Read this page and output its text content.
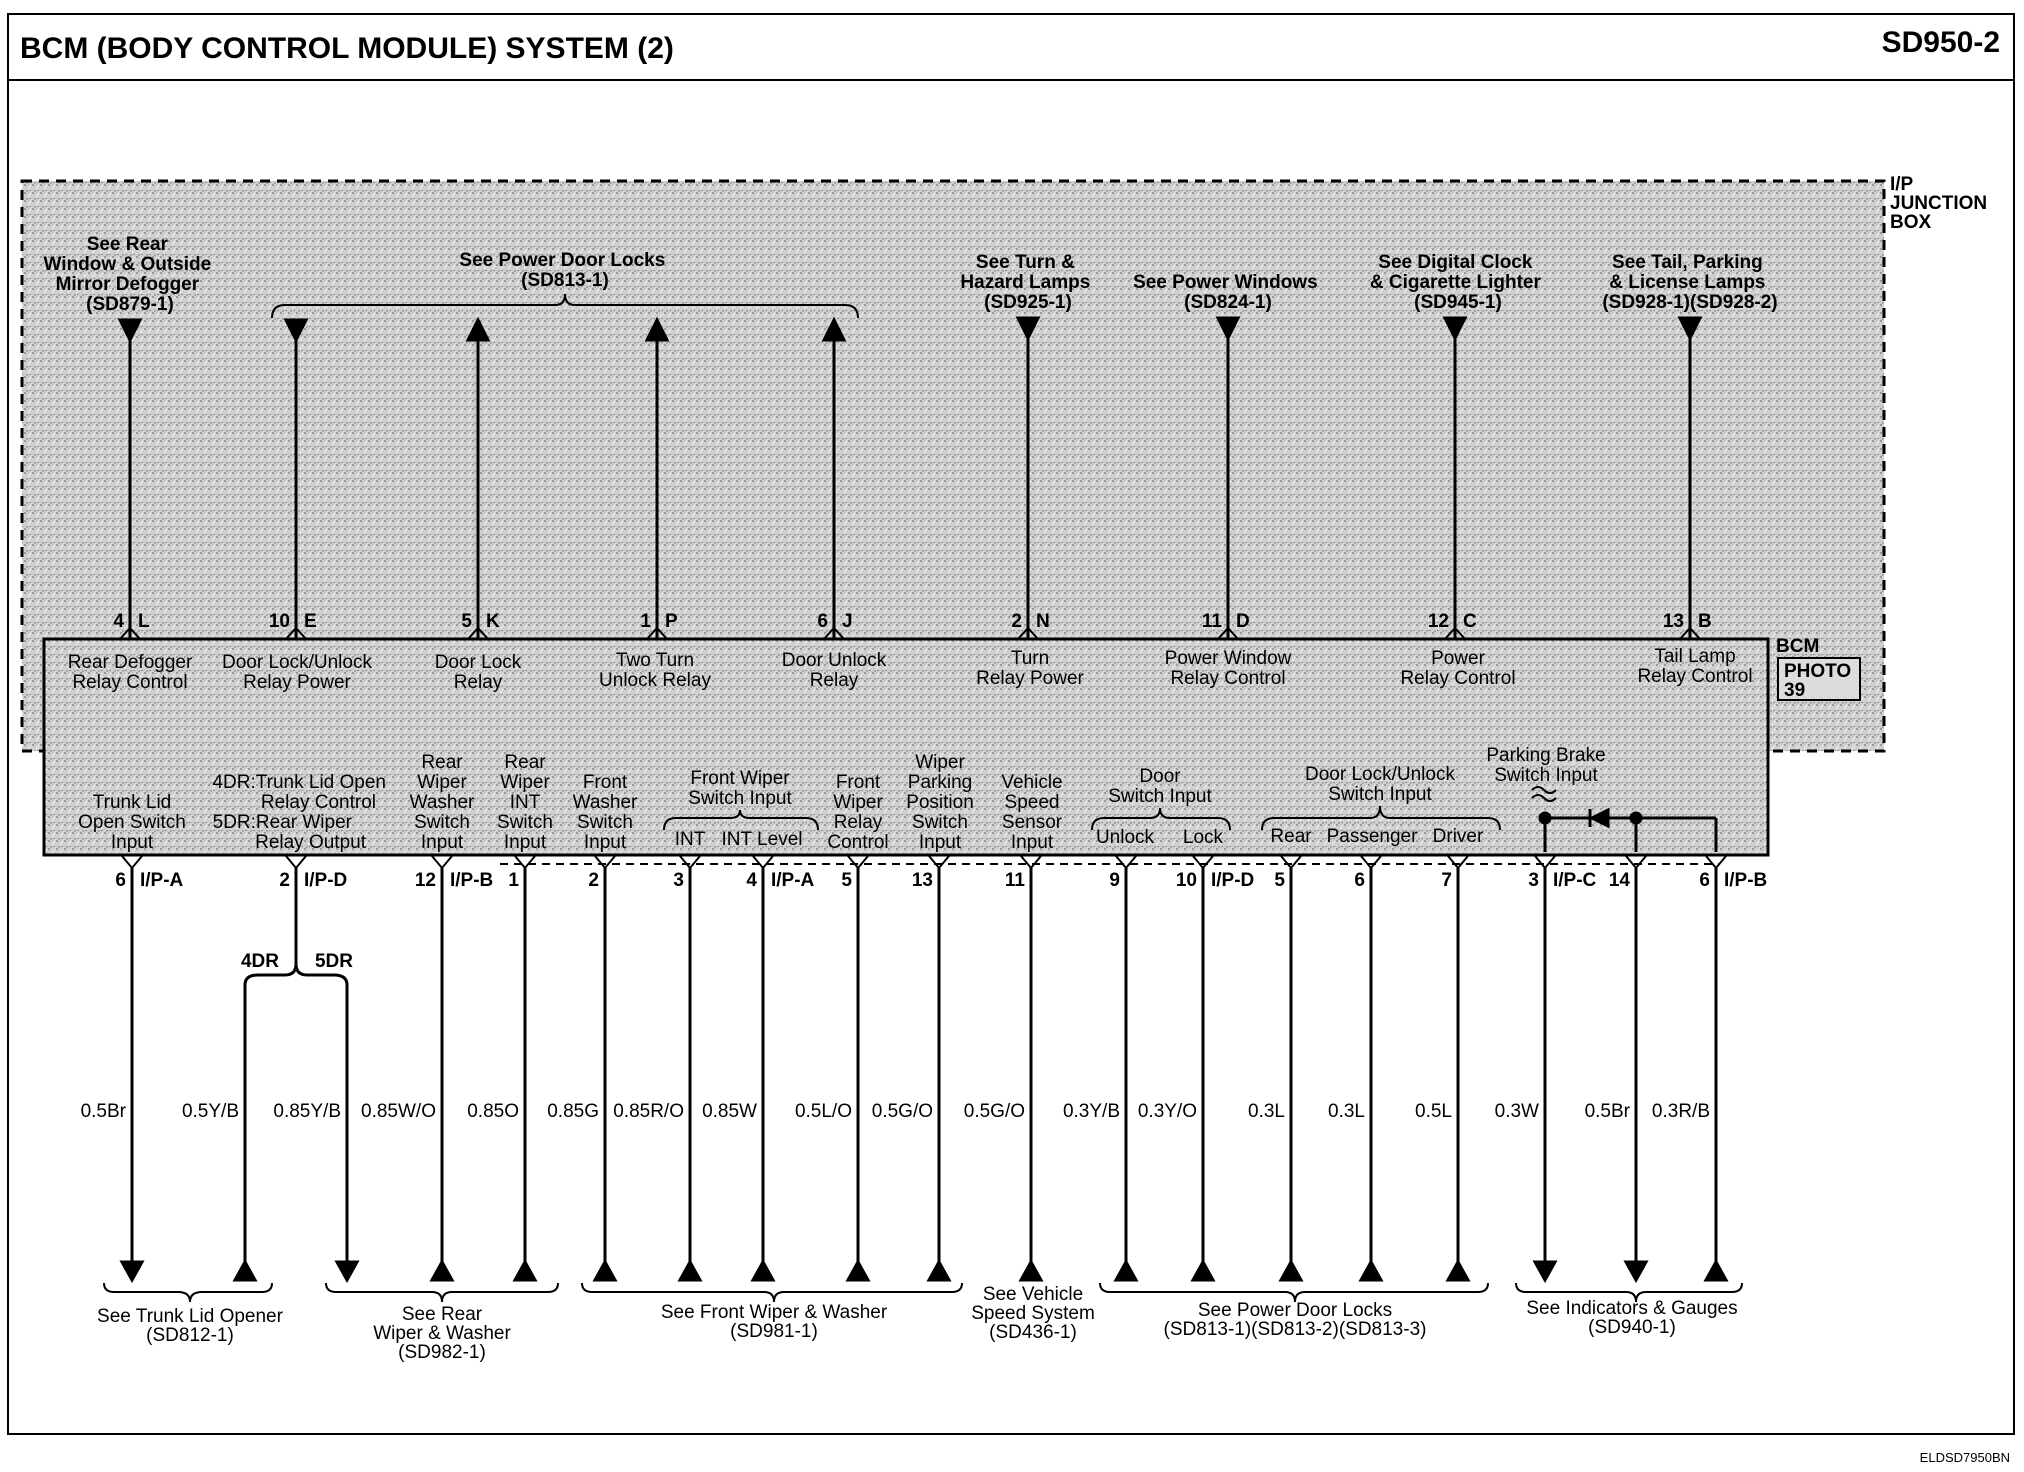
BCM (BODY CONTROL MODULE) SYSTEM (2)	SD950-2
ELDSD7950BN
I/P
JUNCTION
BOX
BCM
PHOTO
39
See Rear Window & Outside Mirror Defogger (SD879-1)
See Power Door Locks (SD813-1)
See Turn & Hazard Lamps (SD925-1)
See Power Windows (SD824-1)
See Digital Clock & Cigarette Lighter (SD945-1)
See Tail, Parking & License Lamps (SD928-1)(SD928-2)
4 L	10 E	5 K	1 P	6 J	2 N	11 D	12 C	13 B
Rear Defogger Relay Control
Door Lock/Unlock Relay Power
Door Lock Relay
Two Turn Unlock Relay
Door Unlock Relay
Turn Relay Power
Power Window Relay Control
Power Relay Control
Tail Lamp Relay Control
Trunk Lid Open Switch Input
4DR:Trunk Lid Open Relay Control 5DR:Rear Wiper Relay Output
Rear Wiper Washer Switch Input
Rear Wiper INT Switch Input
Front Washer Switch Input
Front Wiper Switch Input
Front Wiper Relay Control
Wiper Parking Position Switch Input
Vehicle Speed Sensor Input
Door Switch Input
Door Lock/Unlock Switch Input
Parking Brake Switch Input
INT INT Level	Unlock Lock Rear Passenger Driver
6 I/P-A	2 I/P-D	12 I/P-B 1	2	3	4 I/P-A 5	13	11	9	10 I/P-D 5	6	7	3 I/P-C 14	6 I/P-B
4DR 5DR
0.5Br	0.5Y/B 0.85Y/B 0.85W/O 0.85O 0.85G 0.85R/O 0.85W 0.5L/O 0.5G/O 0.5G/O 0.3Y/B 0.3Y/O	0.3L 0.3L	0.5L 0.3W 0.5Br 0.3R/B
See Trunk Lid Opener (SD812-1)
See Rear Wiper & Washer (SD982-1)
See Front Wiper & Washer (SD981-1)
See Vehicle Speed System (SD436-1)
See Power Door Locks (SD813-1)(SD813-2)(SD813-3)
See Indicators & Gauges (SD940-1)
